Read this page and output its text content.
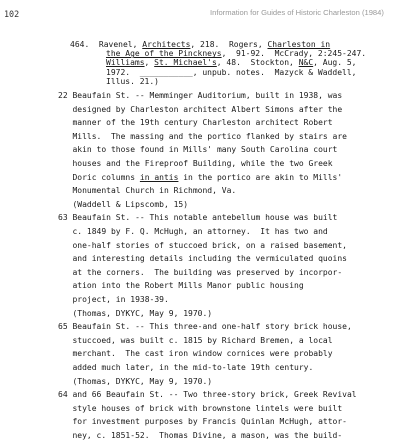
102	Information for Guides of Historic Charleston (1984)
464.  Ravenel, Architects, 218.  Rogers, Charleston in
the Age of the Pinckneys,  91-92.  McCrady, 2:245-247.
Williams, St. Michael's, 48.  Stockton, N&C, Aug. 5,
1972.  ___________, unpub. notes.  Mazyck & Waddell,
Illus. 21.)
22 Beaufain St. -- Memminger Auditorium, built in 1938, was
designed by Charleston architect Albert Simons after the
manner of the 19th century Charleston architect Robert
Mills.  The massing and the portico flanked by stairs are
akin to those found in Mills' many South Carolina court
houses and the Fireproof Building, while the two Greek
Doric columns in antis in the portico are akin to Mills'
Monumental Church in Richmond, Va.
(Waddell & Lipscomb, 15)
63 Beaufain St. -- This notable antebellum house was built
c. 1849 by F. Q. McHugh, an attorney.  It has two and
one-half stories of stuccoed brick, on a raised basement,
and interesting details including the vermiculated quoins
at the corners.  The building was preserved by incorpor-
ation into the Robert Mills Manor public housing
project, in 1938-39.
(Thomas, DYKYC, May 9, 1970.)
65 Beaufain St. -- This three-and one-half story brick house,
stuccoed, was built c. 1815 by Richard Bremen, a local
merchant.  The cast iron window cornices were probably
added much later, in the mid-to-late 19th century.
(Thomas, DYKYC, May 9, 1970.)
64 and 66 Beaufain St. -- Two three-story brick, Greek Revival
style houses of brick with brownstone lintels were built
for investment purposes by Francis Quinlan McHugh, attor-
ney, c. 1851-52.  Thomas Divine, a mason, was the build-
